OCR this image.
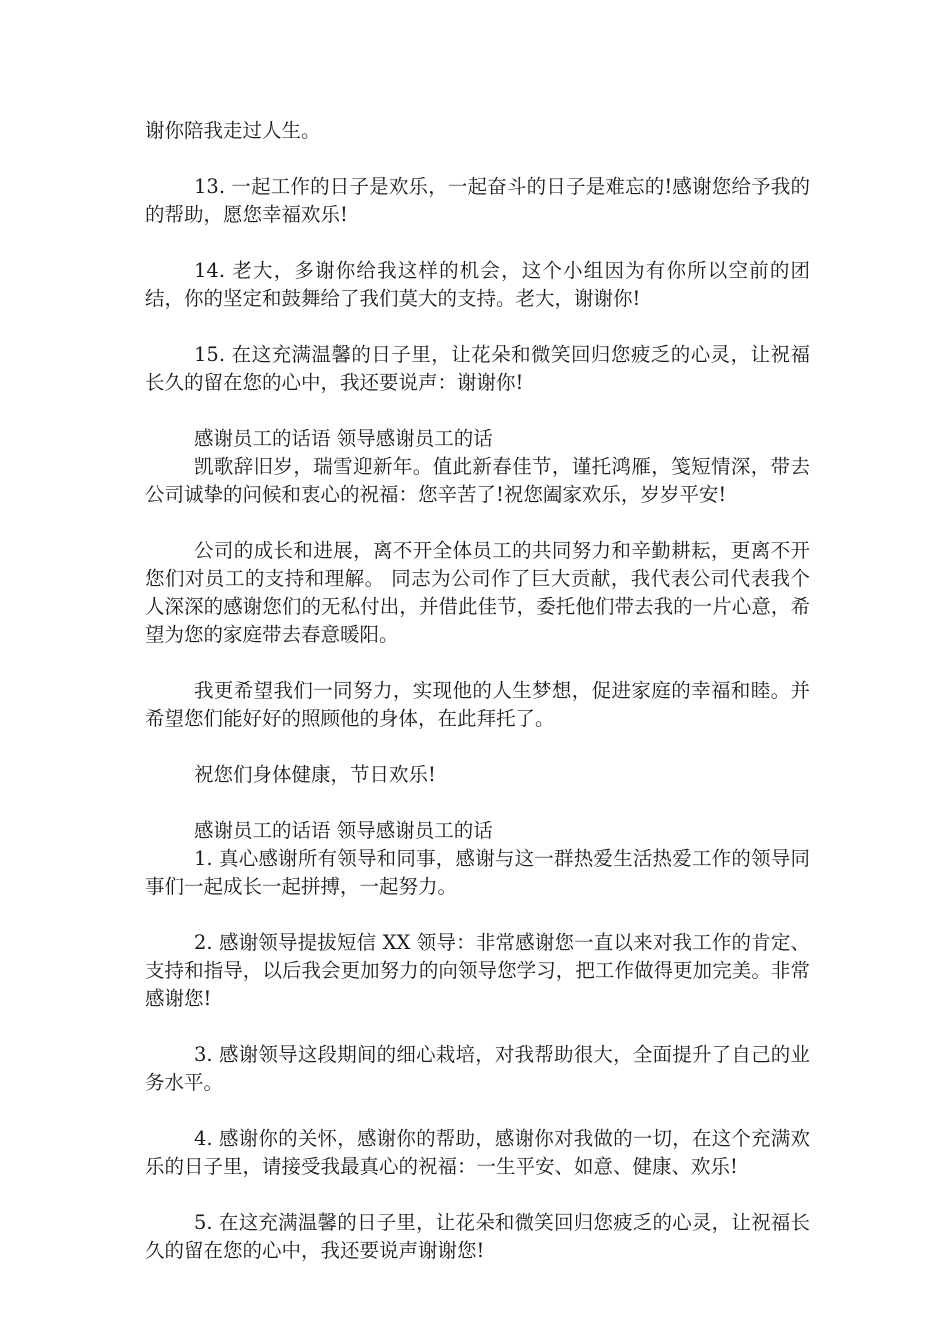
谢你陪我走过人生。

13. 一起工作的日子是欢乐，一起奋斗的日子是难忘的!感谢您给予我的的帮助，愿您幸福欢乐!

14. 老大，多谢你给我这样的机会，这个小组因为有你所以空前的团结，你的坚定和鼓舞给了我们莫大的支持。老大，谢谢你!

15. 在这充满温馨的日子里，让花朵和微笑回归您疲乏的心灵，让祝福长久的留在您的心中，我还要说声：谢谢你!

感谢员工的话语 领导感谢员工的话

凯歌辞旧岁，瑞雪迎新年。值此新春佳节，谨托鸿雁，笺短情深，带去公司诚挚的问候和衷心的祝福：您辛苦了!祝您阖家欢乐，岁岁平安!

公司的成长和进展，离不开全体员工的共同努力和辛勤耕耘，更离不开您们对员工的支持和理解。 同志为公司作了巨大贡献，我代表公司代表我个人深深的感谢您们的无私付出，并借此佳节，委托他们带去我的一片心意，希望为您的家庭带去春意暖阳。

我更希望我们一同努力，实现他的人生梦想，促进家庭的幸福和睦。并希望您们能好好的照顾他的身体，在此拜托了。

祝您们身体健康，节日欢乐!

感谢员工的话语 领导感谢员工的话

1. 真心感谢所有领导和同事，感谢与这一群热爱生活热爱工作的领导同事们一起成长一起拼搏，一起努力。

2. 感谢领导提拔短信 XX 领导：非常感谢您一直以来对我工作的肯定、支持和指导，以后我会更加努力的向领导您学习，把工作做得更加完美。非常感谢您!

3. 感谢领导这段期间的细心栽培，对我帮助很大，全面提升了自己的业务水平。

4. 感谢你的关怀，感谢你的帮助，感谢你对我做的一切，在这个充满欢乐的日子里，请接受我最真心的祝福：一生平安、如意、健康、欢乐!

5. 在这充满温馨的日子里，让花朵和微笑回归您疲乏的心灵，让祝福长久的留在您的心中，我还要说声谢谢您!
